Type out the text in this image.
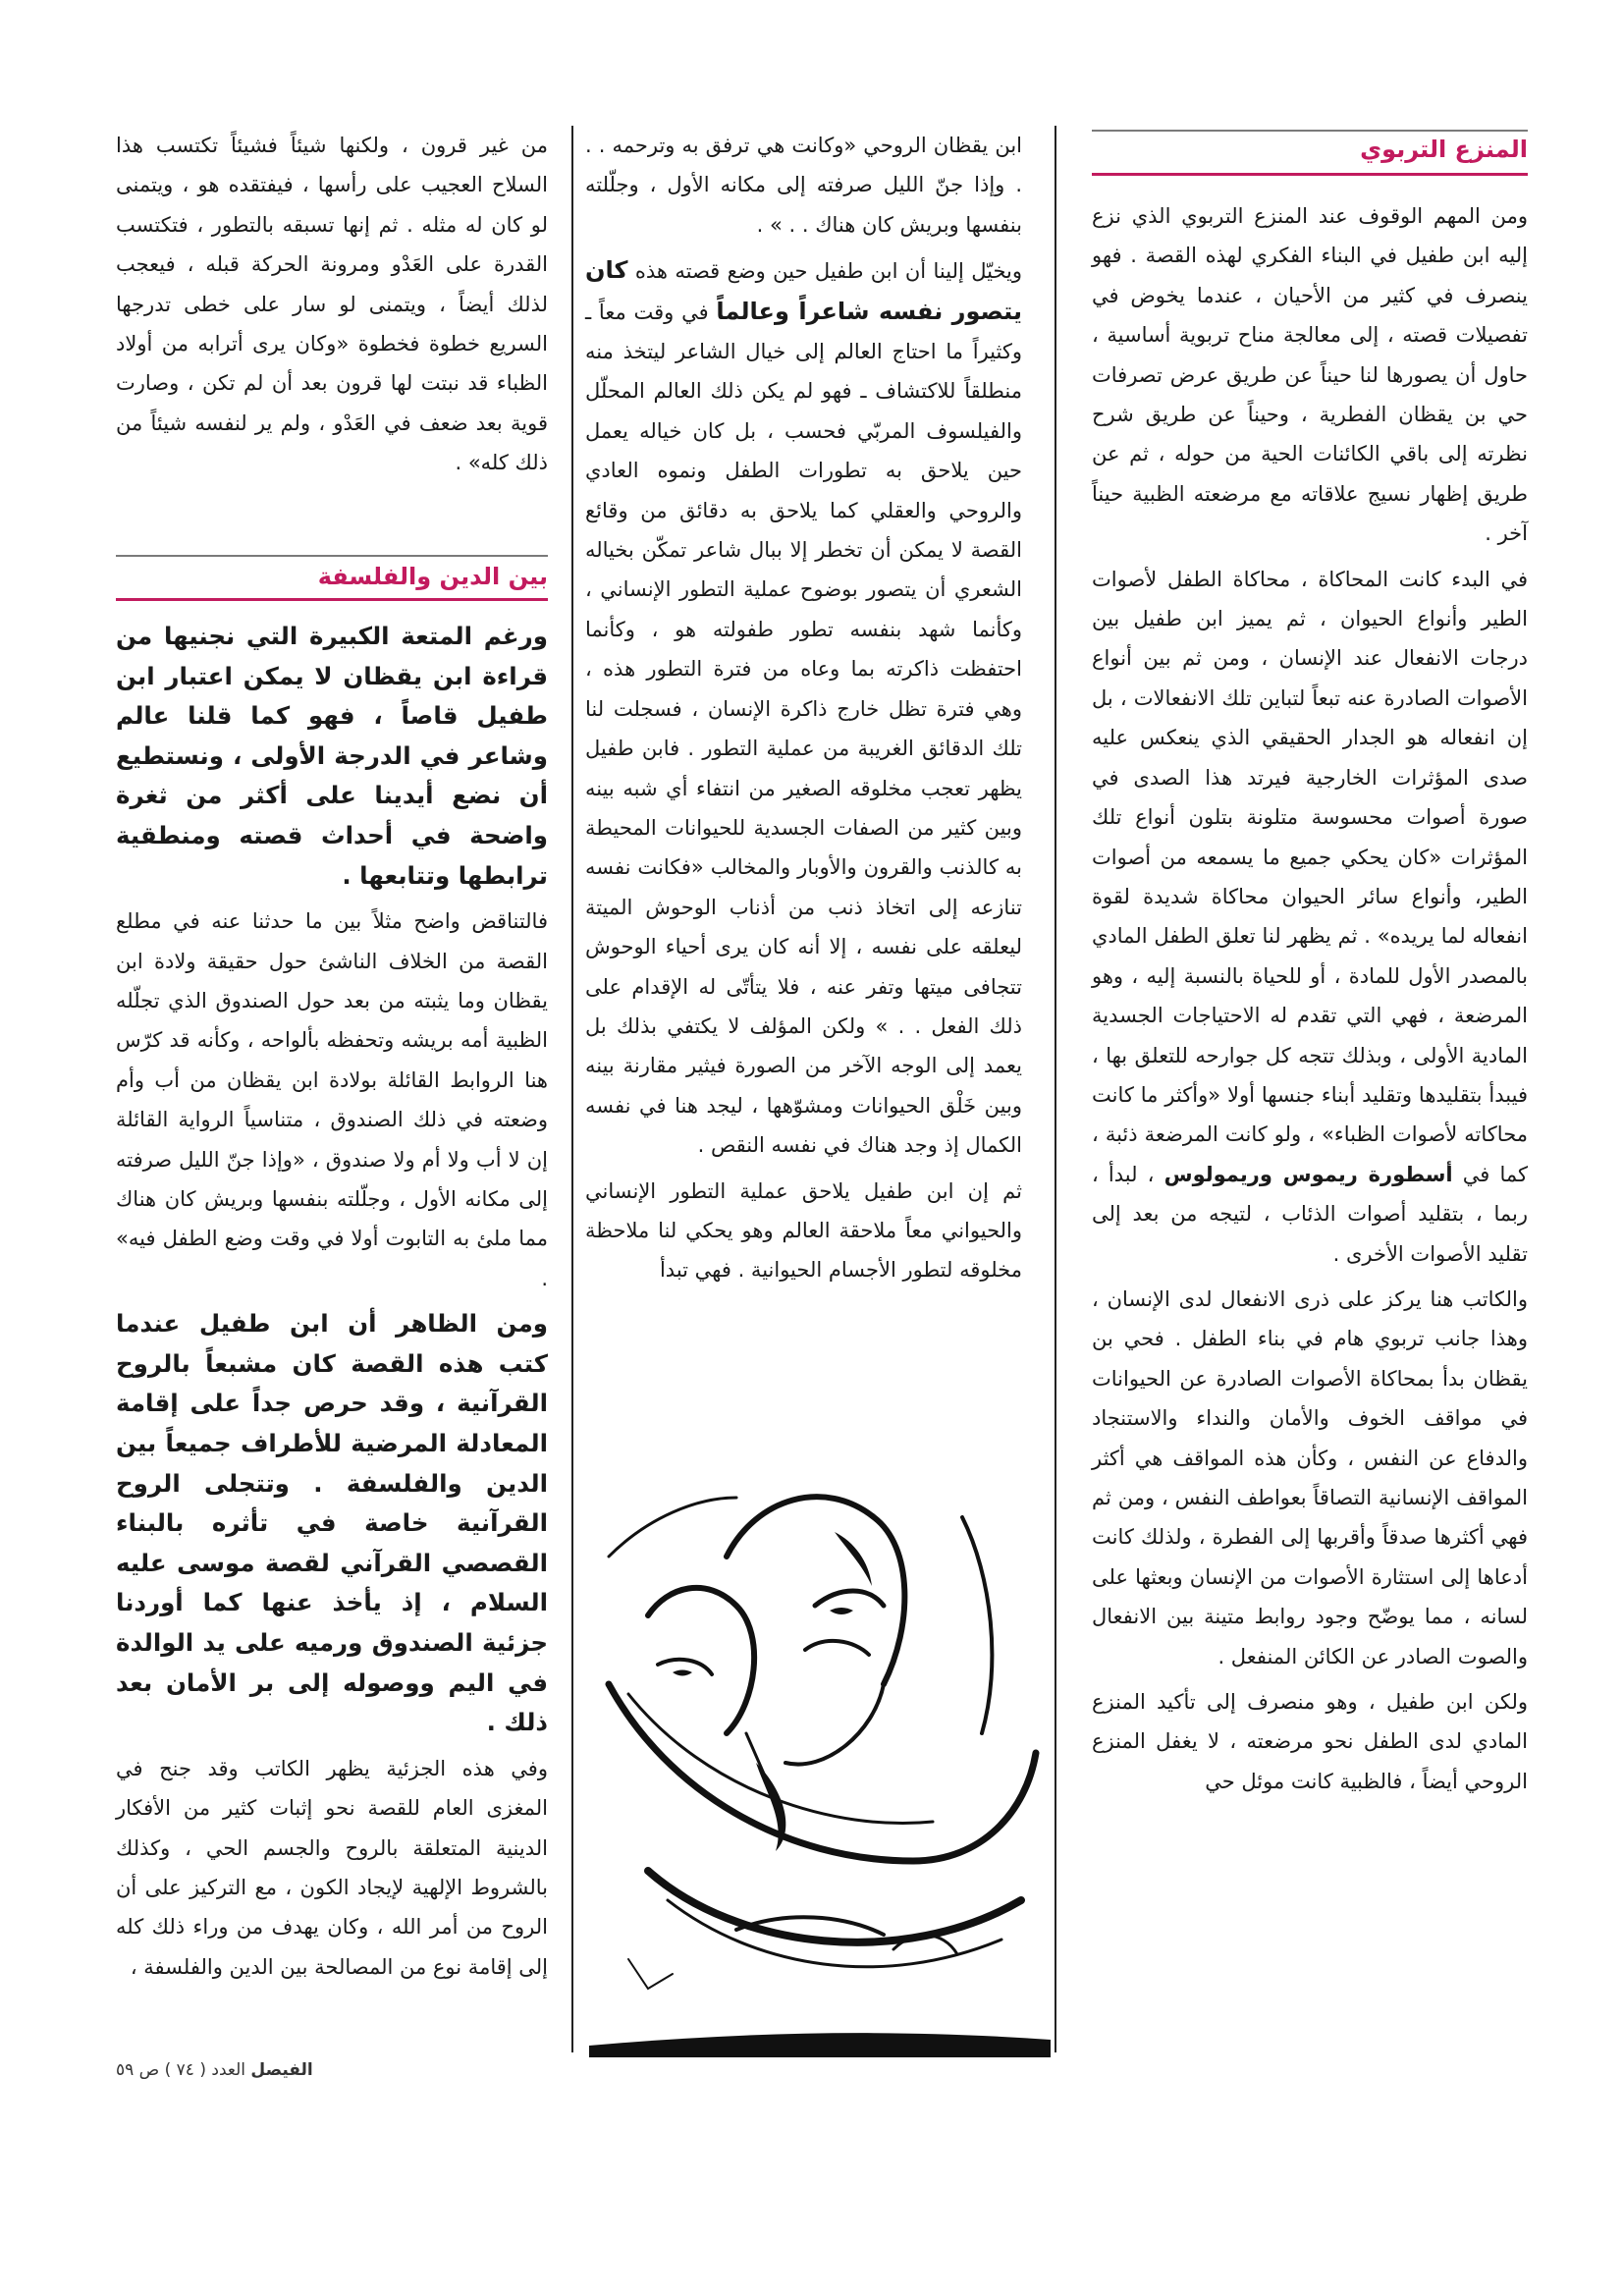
المنزع التربوي

ومن المهم الوقوف عند المنزع التربوي الذي نزع إليه ابن طفيل في البناء الفكري لهذه القصة . فهو ينصرف في كثير من الأحيان ، عندما يخوض في تفصيلات قصته ، إلى معالجة مناح تربوية أساسية ، حاول أن يصورها لنا حيناً عن طريق عرض تصرفات حي بن يقظان الفطرية ، وحيناً عن طريق شرح نظرته إلى باقي الكائنات الحية من حوله ، ثم عن طريق إظهار نسيج علاقاته مع مرضعته الظبية حيناً آخر .

في البدء كانت المحاكاة ، محاكاة الطفل لأصوات الطير وأنواع الحيوان ، ثم يميز ابن طفيل بين درجات الانفعال عند الإنسان ، ومن ثم بين أنواع الأصوات الصادرة عنه تبعاً لتباين تلك الانفعالات ، بل إن انفعاله هو الجدار الحقيقي الذي ينعكس عليه صدى المؤثرات الخارجية فيرتد هذا الصدى في صورة أصوات محسوسة متلونة بتلون أنواع تلك المؤثرات «كان يحكي جميع ما يسمعه من أصوات الطير، وأنواع سائر الحيوان محاكاة شديدة لقوة انفعاله لما يريده» . ثم يظهر لنا تعلق الطفل المادي بالمصدر الأول للمادة ، أو للحياة بالنسبة إليه ، وهو المرضعة ، فهي التي تقدم له الاحتياجات الجسدية المادية الأولى ، وبذلك تتجه كل جوارحه للتعلق بها ، فيبدأ بتقليدها وتقليد أبناء جنسها أولا «وأكثر ما كانت محاكاته لأصوات الظباء» ، ولو كانت المرضعة ذئبة ، كما في أسطورة ريموس وريمولوس ، لبدأ ، ربما ، بتقليد أصوات الذئاب ، لتيجه من بعد إلى تقليد الأصوات الأخرى .

والكاتب هنا يركز على ذرى الانفعال لدى الإنسان ، وهذا جانب تربوي هام في بناء الطفل . فحي بن يقظان بدأ بمحاكاة الأصوات الصادرة عن الحيوانات في مواقف الخوف والأمان والنداء والاستنجاد والدفاع عن النفس ، وكأن هذه المواقف هي أكثر المواقف الإنسانية التصاقاً بعواطف النفس ، ومن ثم فهي أكثرها صدقاً وأقربها إلى الفطرة ، ولذلك كانت أدعاها إلى استثارة الأصوات من الإنسان وبعثها على لسانه ، مما يوضّح وجود روابط متينة بين الانفعال والصوت الصادر عن الكائن المنفعل .

ولكن ابن طفيل ، وهو منصرف إلى تأكيد المنزع المادي لدى الطفل نحو مرضعته ، لا يغفل المنزع الروحي أيضاً ، فالظبية كانت موئل حي

ابن يقظان الروحي «وكانت هي ترفق به وترحمه . . . وإذا جنّ الليل صرفته إلى مكانه الأول ، وجلّلته بنفسها وبريش كان هناك . . » .

ويخيّل إلينا أن ابن طفيل حين وضع قصته هذه كان يتصور نفسه شاعراً وعالماً في وقت معاً ـ وكثيراً ما احتاج العالم إلى خيال الشاعر ليتخذ منه منطلقاً للاكتشاف ـ فهو لم يكن ذلك العالم المحلّل والفيلسوف المربّي فحسب ، بل كان خياله يعمل حين يلاحق به تطورات الطفل ونموه العادي والروحي والعقلي كما يلاحق به دقائق من وقائع القصة لا يمكن أن تخطر إلا ببال شاعر تمكّن بخياله الشعري أن يتصور بوضوح عملية التطور الإنساني ، وكأنما شهد بنفسه تطور طفولته هو ، وكأنما احتفظت ذاكرته بما وعاه من فترة التطور هذه ، وهي فترة تظل خارج ذاكرة الإنسان ، فسجلت لنا تلك الدقائق الغريبة من عملية التطور . فابن طفيل يظهر تعجب مخلوقه الصغير من انتفاء أي شبه بينه وبين كثير من الصفات الجسدية للحيوانات المحيطة به كالذنب والقرون والأوبار والمخالب «فكانت نفسه تنازعه إلى اتخاذ ذنب من أذناب الوحوش الميتة ليعلقه على نفسه ، إلا أنه كان يرى أحياء الوحوش تتجافى ميتها وتفر عنه ، فلا يتأتّى له الإقدام على ذلك الفعل . . » ولكن المؤلف لا يكتفي بذلك بل يعمد إلى الوجه الآخر من الصورة فيثير مقارنة بينه وبين خَلْق الحيوانات ومشوّهها ، ليجد هنا في نفسه الكمال إذ وجد هناك في نفسه النقص .

ثم إن ابن طفيل يلاحق عملية التطور الإنساني والحيواني معاً ملاحقة العالم وهو يحكي لنا ملاحظة مخلوقه لتطور الأجسام الحيوانية . فهي تبدأ

من غير قرون ، ولكنها شيئاً فشيئاً تكتسب هذا السلاح العجيب على رأسها ، فيفتقده هو ، ويتمنى لو كان له مثله . ثم إنها تسبقه بالتطور ، فتكتسب القدرة على العَدْو ومرونة الحركة قبله ، فيعجب لذلك أيضاً ، ويتمنى لو سار على خطى تدرجها السريع خطوة فخطوة «وكان يرى أترابه من أولاد الظباء قد نبتت لها قرون بعد أن لم تكن ، وصارت قوية بعد ضعف في العَدْو ، ولم ير لنفسه شيئاً من ذلك كله» .

بين الدين والفلسفة

ورغم المتعة الكبيرة التي نجنيها من قراءة ابن يقظان لا يمكن اعتبار ابن طفيل قاصاً ، فهو كما قلنا عالم وشاعر في الدرجة الأولى ، ونستطيع أن نضع أيدينا على أكثر من ثغرة واضحة في أحداث قصته ومنطقية ترابطها وتتابعها .

فالتناقض واضح مثلاً بين ما حدثنا عنه في مطلع القصة من الخلاف الناشئ حول حقيقة ولادة ابن يقظان وما يثبته من بعد حول الصندوق الذي تجلّله الظبية أمه بريشه وتحفظه بألواحه ، وكأنه قد كرّس هنا الروابط القائلة بولادة ابن يقظان من أب وأم وضعته في ذلك الصندوق ، متناسياً الرواية القائلة إن لا أب ولا أم ولا صندوق ، «وإذا جنّ الليل صرفته إلى مكانه الأول ، وجلّلته بنفسها وبريش كان هناك مما ملئ به التابوت أولا في وقت وضع الطفل فيه» .

ومن الظاهر أن ابن طفيل عندما كتب هذه القصة كان مشبعاً بالروح القرآنية ، وقد حرص جداً على إقامة المعادلة المرضية للأطراف جميعاً بين الدين والفلسفة . وتتجلى الروح القرآنية خاصة في تأثره بالبناء القصصي القرآني لقصة موسى عليه السلام ، إذ يأخذ عنها كما أوردنا جزئية الصندوق ورميه على يد الوالدة في اليم ووصوله إلى بر الأمان بعد ذلك .

وفي هذه الجزئية يظهر الكاتب وقد جنح في المغزى العام للقصة نحو إثبات كثير من الأفكار الدينية المتعلقة بالروح والجسم الحي ، وكذلك بالشروط الإلهية لإيجاد الكون ، مع التركيز على أن الروح من أمر الله ، وكان يهدف من وراء ذلك كله إلى إقامة نوع من المصالحة بين الدين والفلسفة ،

الفيصل العدد ( ٧٤ ) ص ٥٩
